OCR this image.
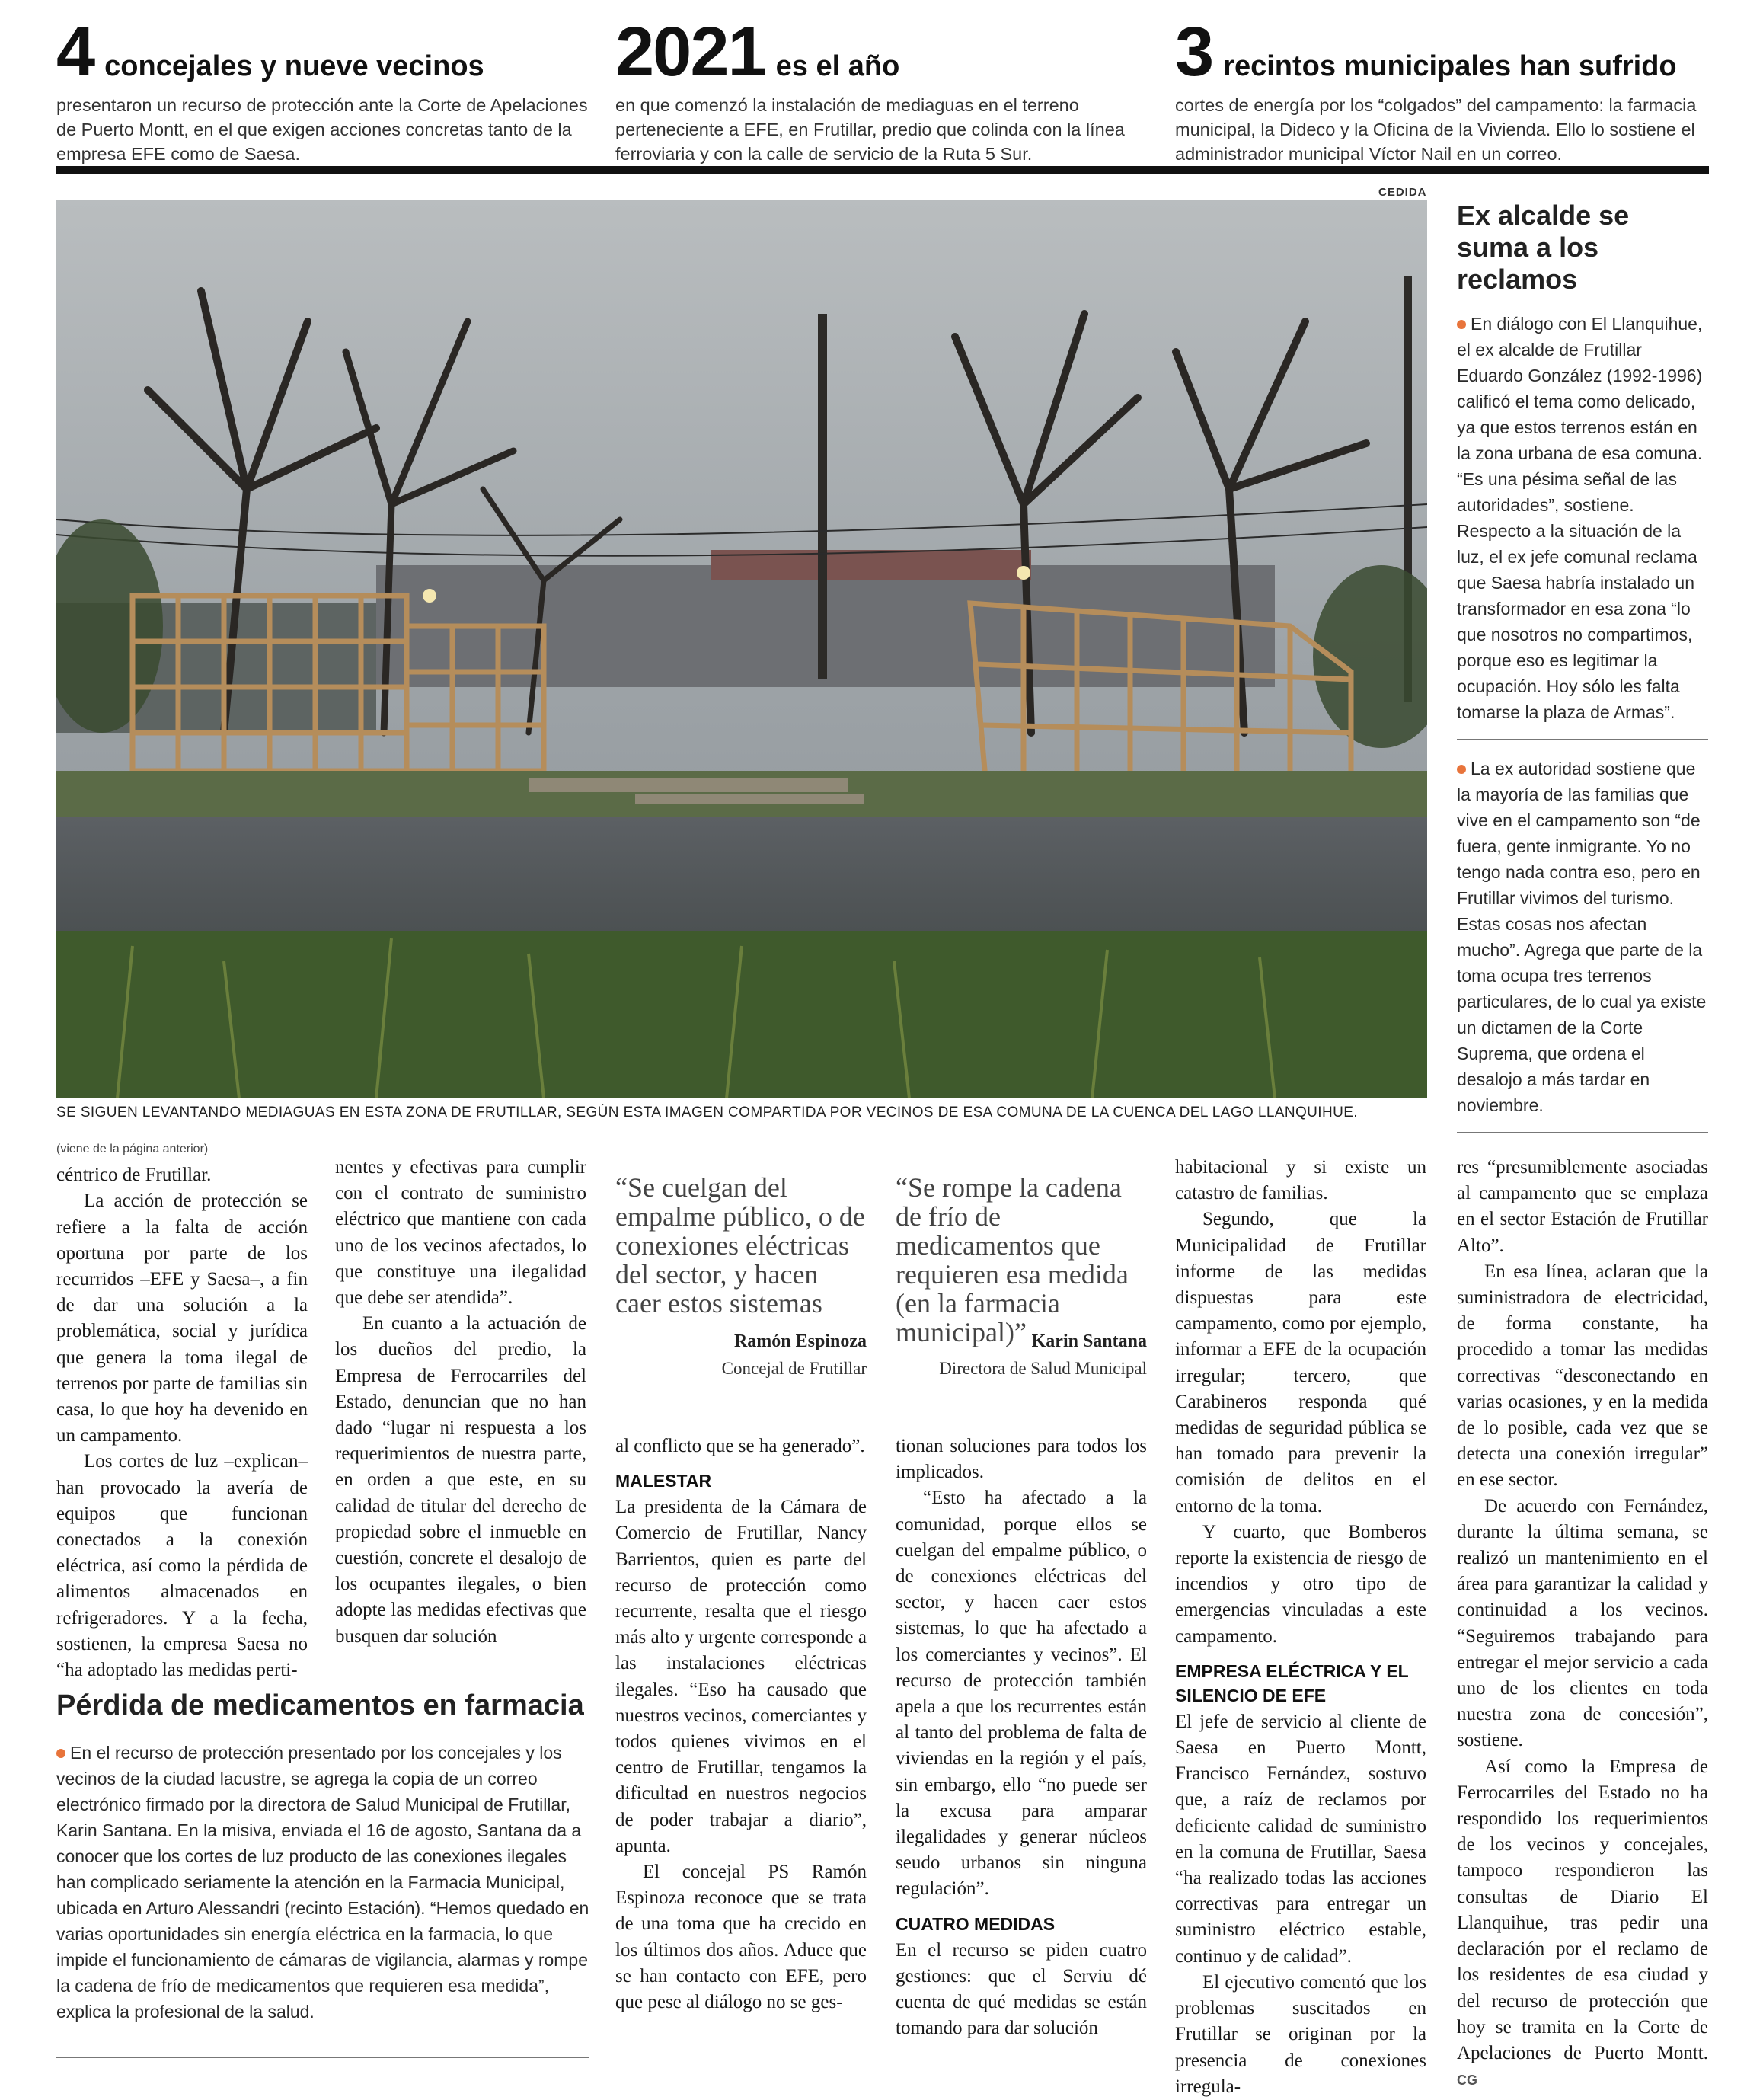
4 concejales y nueve vecinos
presentaron un recurso de protección ante la Corte de Apelaciones de Puerto Montt, en el que exigen acciones concretas tanto de la empresa EFE como de Saesa.
2021 es el año
en que comenzó la instalación de mediaguas en el terreno perteneciente a EFE, en Frutillar, predio que colinda con la línea ferroviaria y con la calle de servicio de la Ruta 5 Sur.
3 recintos municipales han sufrido
cortes de energía por los “colgados” del campamento: la farmacia municipal, la Dideco y la Oficina de la Vivienda. Ello lo sostiene el administrador municipal Víctor Nail en un correo.
CEDIDA
SE SIGUEN LEVANTANDO MEDIAGUAS EN ESTA ZONA DE FRUTILLAR, SEGÚN ESTA IMAGEN COMPARTIDA POR VECINOS DE ESA COMUNA DE LA CUENCA DEL LAGO LLANQUIHUE.
Ex alcalde se suma a los reclamos

En diálogo con El Llanquihue, el ex alcalde de Frutillar Eduardo González (1992-1996) calificó el tema como delicado, ya que estos terrenos están en la zona urbana de esa comuna. “Es una pésima señal de las autoridades”, sostiene. Respecto a la situación de la luz, el ex jefe comunal reclama que Saesa habría instalado un transformador en esa zona “lo que nosotros no compartimos, porque eso es legitimar la ocupación. Hoy sólo les falta tomarse la plaza de Armas”.

La ex autoridad sostiene que la mayoría de las familias que vive en el campamento son “de fuera, gente inmigrante. Yo no tengo nada contra eso, pero en Frutillar vivimos del turismo. Estas cosas nos afectan mucho”. Agrega que parte de la toma ocupa tres terrenos particulares, de lo cual ya existe un dictamen de la Corte Suprema, que ordena el desalojo a más tardar en noviembre.

(viene de la página anterior)

céntrico de Frutillar.

La acción de protección se refiere a la falta de acción oportuna por parte de los recurridos –EFE y Saesa–, a fin de dar una solución a la problemática, social y jurídica que genera la toma ilegal de terrenos por parte de familias sin casa, lo que hoy ha devenido en un campamento.

Los cortes de luz –explican– han provocado la avería de equipos que funcionan conectados a la conexión eléctrica, así como la pérdida de alimentos almacenados en refrigeradores. Y a la fecha, sostienen, la empresa Saesa no “ha adoptado las medidas perti-

nentes y efectivas para cumplir con el contrato de suministro eléctrico que mantiene con cada uno de los vecinos afectados, lo que constituye una ilegalidad que debe ser atendida”.

En cuanto a la actuación de los dueños del predio, la Empresa de Ferrocarriles del Estado, denuncian que no han dado “lugar ni respuesta a los requerimientos de nuestra parte, en orden a que este, en su calidad de titular del derecho de propiedad sobre el inmueble en cuestión, concrete el desalojo de los ocupantes ilegales, o bien adopte las medidas efectivas que busquen dar solución

Pérdida de medicamentos en farmacia
En el recurso de protección presentado por los concejales y los vecinos de la ciudad lacustre, se agrega la copia de un correo electrónico firmado por la directora de Salud Municipal de Frutillar, Karin Santana. En la misiva, enviada el 16 de agosto, Santana da a conocer que los cortes de luz producto de las conexiones ilegales han complicado seriamente la atención en la Farmacia Municipal, ubicada en Arturo Alessandri (recinto Estación). “Hemos quedado en varias oportunidades sin energía eléctrica en la farmacia, lo que impide el funcionamiento de cámaras de vigilancia, alarmas y rompe la cadena de frío de medicamentos que requieren esa medida”, explica la profesional de la salud.
“Se cuelgan del empalme público, o de conexiones eléctricas del sector, y hacen caer estos sistemas
Ramón Espinoza
Concejal de Frutillar
“Se rompe la cadena de frío de medicamentos que requieren esa medida (en la farmacia municipal)” Karin Santana
Directora de Salud Municipal

al conflicto que se ha generado”.

MALESTAR

La presidenta de la Cámara de Comercio de Frutillar, Nancy Barrientos, quien es parte del recurso de protección como recurrente, resalta que el riesgo más alto y urgente corresponde a las instalaciones eléctricas ilegales. “Eso ha causado que nuestros vecinos, comerciantes y todos quienes vivimos en el centro de Frutillar, tengamos la dificultad en nuestros negocios de poder trabajar a diario”, apunta.

El concejal PS Ramón Espinoza reconoce que se trata de una toma que ha crecido en los últimos dos años. Aduce que se han contacto con EFE, pero que pese al diálogo no se ges-

tionan soluciones para todos los implicados.

“Esto ha afectado a la comunidad, porque ellos se cuelgan del empalme público, o de conexiones eléctricas del sector, y hacen caer estos sistemas, lo que ha afectado a los comerciantes y vecinos”. El recurso de protección también apela a que los recurrentes están al tanto del problema de falta de viviendas en la región y el país, sin embargo, ello “no puede ser la excusa para amparar ilegalidades y generar núcleos seudo urbanos sin ninguna regulación”.

CUATRO MEDIDAS

En el recurso se piden cuatro gestiones: que el Serviu dé cuenta de qué medidas se están tomando para dar solución

habitacional y si existe un catastro de familias.

Segundo, que la Municipalidad de Frutillar informe de las medidas dispuestas para este campamento, como por ejemplo, informar a EFE de la ocupación irregular; tercero, que Carabineros responda qué medidas de seguridad pública se han tomado para prevenir la comisión de delitos en el entorno de la toma.

Y cuarto, que Bomberos reporte la existencia de riesgo de incendios y otro tipo de emergencias vinculadas a este campamento.

EMPRESA ELÉCTRICA Y EL SILENCIO DE EFE

El jefe de servicio al cliente de Saesa en Puerto Montt, Francisco Fernández, sostuvo que, a raíz de reclamos por deficiente calidad de suministro en la comuna de Frutillar, Saesa “ha realizado todas las acciones correctivas para entregar un suministro eléctrico estable, continuo y de calidad”.

El ejecutivo comentó que los problemas suscitados en Frutillar se originan por la presencia de conexiones irregula-

res “presumiblemente asociadas al campamento que se emplaza en el sector Estación de Frutillar Alto”.

En esa línea, aclaran que la suministradora de electricidad, de forma constante, ha procedido a tomar las medidas correctivas “desconectando en varias ocasiones, y en la medida de lo posible, cada vez que se detecta una conexión irregular” en ese sector.

De acuerdo con Fernández, durante la última semana, se realizó un mantenimiento en el área para garantizar la calidad y continuidad a los vecinos. “Seguiremos trabajando para entregar el mejor servicio a cada uno de los clientes en toda nuestra zona de concesión”, sostiene.

Así como la Empresa de Ferrocarriles del Estado no ha respondido los requerimientos de los vecinos y concejales, tampoco respondieron las consultas de Diario El Llanquihue, tras pedir una declaración por el reclamo de los residentes de esa ciudad y del recurso de protección que hoy se tramita en la Corte de Apelaciones de Puerto Montt. CG
